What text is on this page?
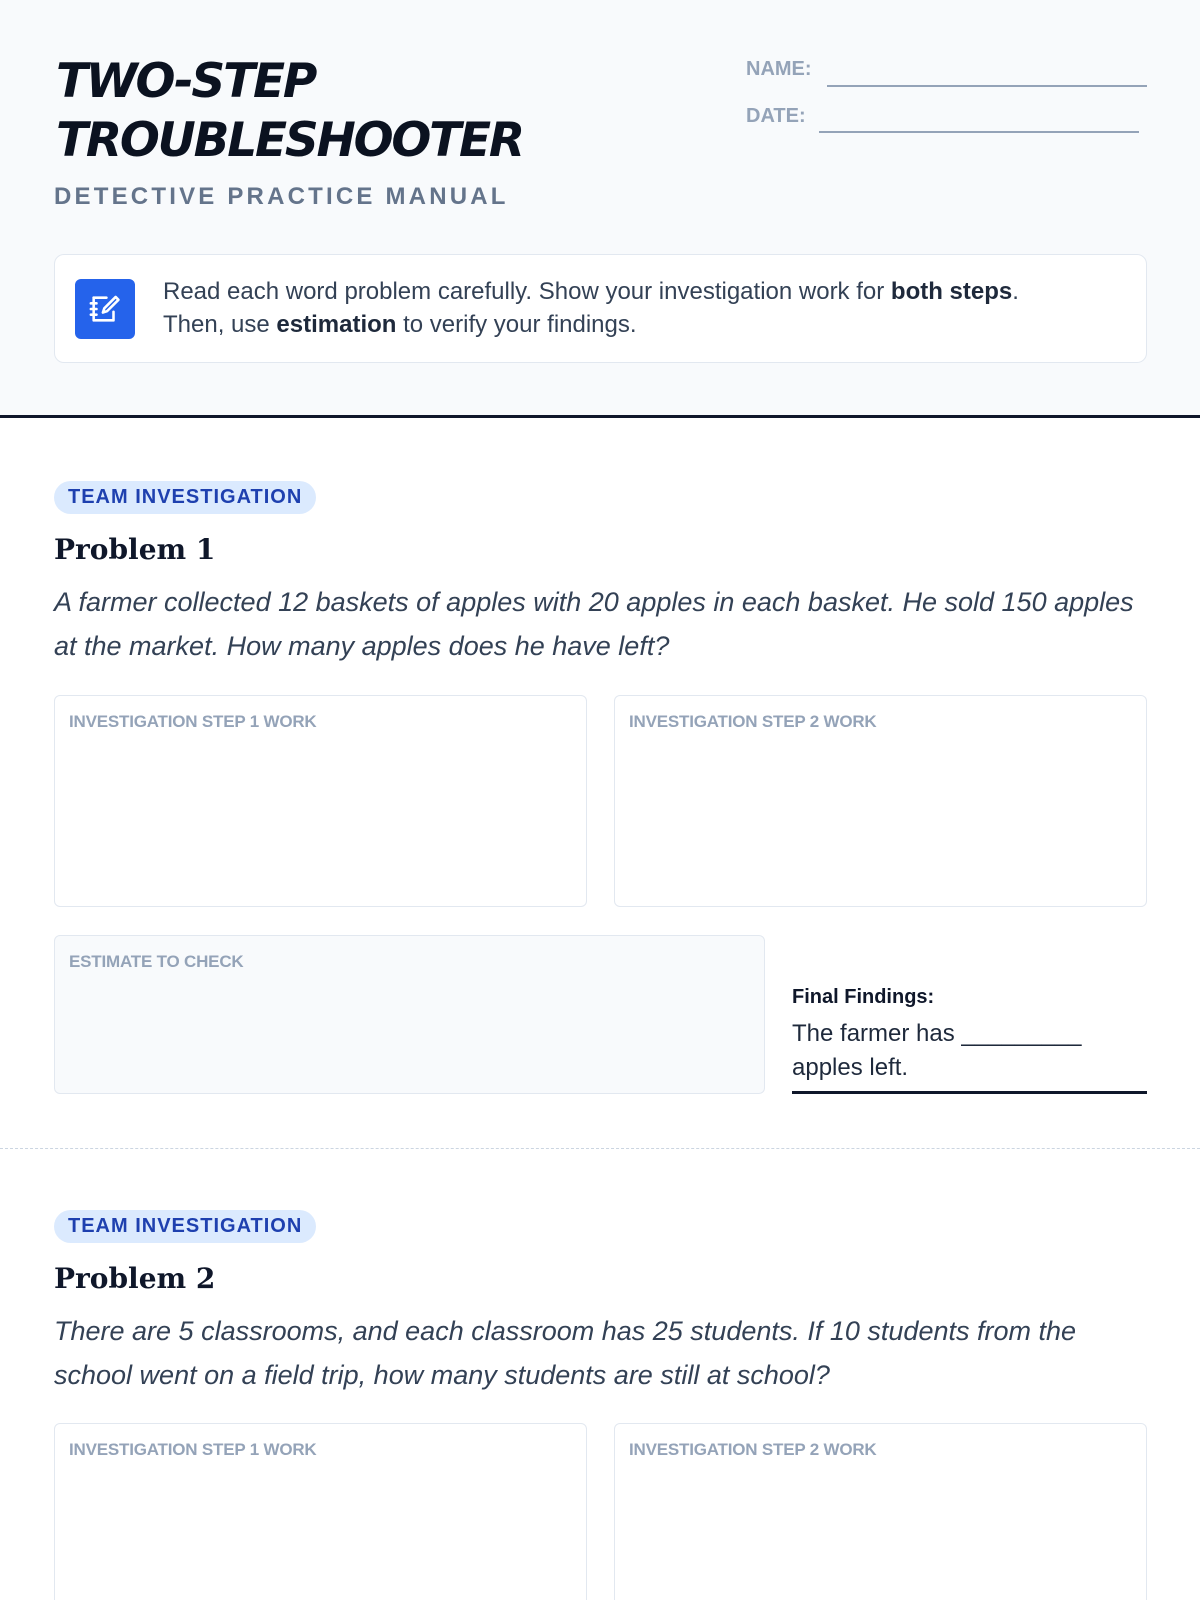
TWO-STEP
TROUBLESHOOTER
DETECTIVE PRACTICE MANUAL
NAME:
DATE:
Read each word problem carefully. Show your investigation work for both steps.
Then, use estimation to verify your findings.
TEAM INVESTIGATION
Problem 1
A farmer collected 12 baskets of apples with 20 apples in each basket. He sold 150 apples at the market. How many apples does he have left?
INVESTIGATION STEP 1 WORK	INVESTIGATION STEP 2 WORK
ESTIMATE TO CHECK
Final Findings:
The farmer has _________ apples left.
TEAM INVESTIGATION
Problem 2
There are 5 classrooms, and each classroom has 25 students. If 10 students from the school went on a field trip, how many students are still at school?
INVESTIGATION STEP 1 WORK	INVESTIGATION STEP 2 WORK
